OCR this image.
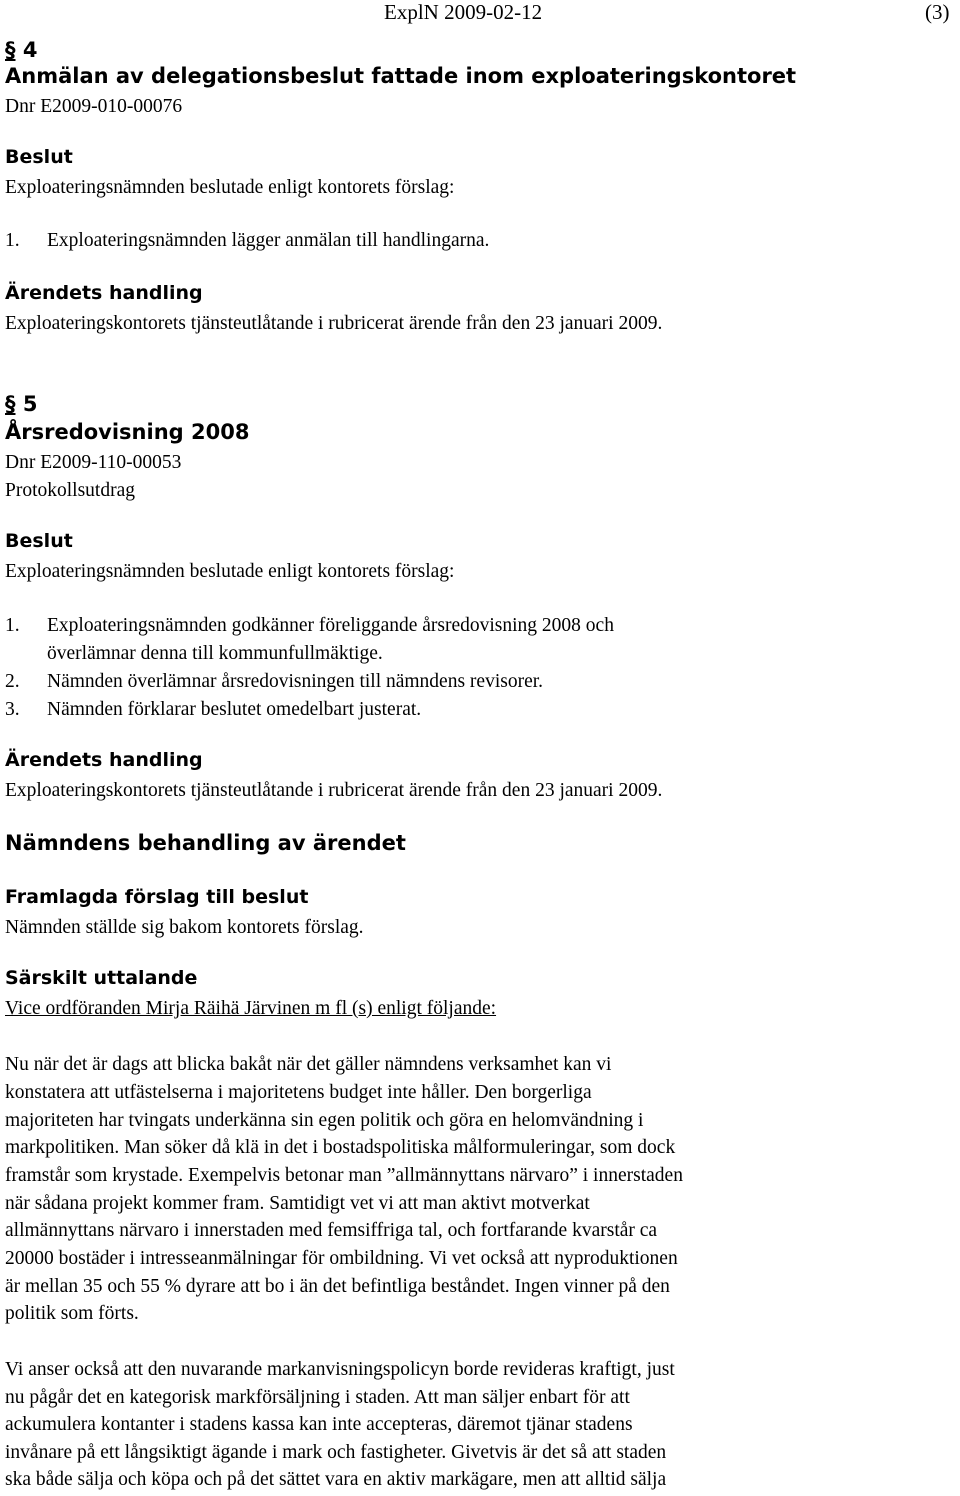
ExplN 2009-02-12	(3)
§ 4
Anmälan av delegationsbeslut fattade inom exploateringskontoret
Dnr E2009-010-00076
Beslut
Exploateringsnämnden beslutade enligt kontorets förslag:
1. Exploateringsnämnden lägger anmälan till handlingarna.
Ärendets handling
Exploateringskontorets tjänsteutlåtande i rubricerat ärende från den 23 januari 2009.
§ 5
Årsredovisning 2008
Dnr E2009-110-00053
Protokollsutdrag
Beslut
Exploateringsnämnden beslutade enligt kontorets förslag:
1. Exploateringsnämnden godkänner föreliggande årsredovisning 2008 och
överlämnar denna till kommunfullmäktige.
2. Nämnden överlämnar årsredovisningen till nämndens revisorer.
3. Nämnden förklarar beslutet omedelbart justerat.
Ärendets handling
Exploateringskontorets tjänsteutlåtande i rubricerat ärende från den 23 januari 2009.
Nämndens behandling av ärendet
Framlagda förslag till beslut
Nämnden ställde sig bakom kontorets förslag.
Särskilt uttalande
Vice ordföranden Mirja Räihä Järvinen m fl (s) enligt följande:
Nu när det är dags att blicka bakåt när det gäller nämndens verksamhet kan vi
konstatera att utfästelserna i majoritetens budget inte håller. Den borgerliga
majoriteten har tvingats underkänna sin egen politik och göra en helomvändning i
markpolitiken. Man söker då klä in det i bostadspolitiska målformuleringar, som dock
framstår som krystade. Exempelvis betonar man ”allmännyttans närvaro” i innerstaden
när sådana projekt kommer fram. Samtidigt vet vi att man aktivt motverkat
allmännyttans närvaro i innerstaden med femsiffriga tal, och fortfarande kvarstår ca
20000 bostäder i intresseanmälningar för ombildning. Vi vet också att nyproduktionen
är mellan 35 och 55 % dyrare att bo i än det befintliga beståndet. Ingen vinner på den
politik som förts.
Vi anser också att den nuvarande markanvisningspolicyn borde revideras kraftigt, just
nu pågår det en kategorisk markförsäljning i staden. Att man säljer enbart för att
ackumulera kontanter i stadens kassa kan inte accepteras, däremot tjänar stadens
invånare på ett långsiktigt ägande i mark och fastigheter. Givetvis är det så att staden
ska både sälja och köpa och på det sättet vara en aktiv markägare, men att alltid sälja
